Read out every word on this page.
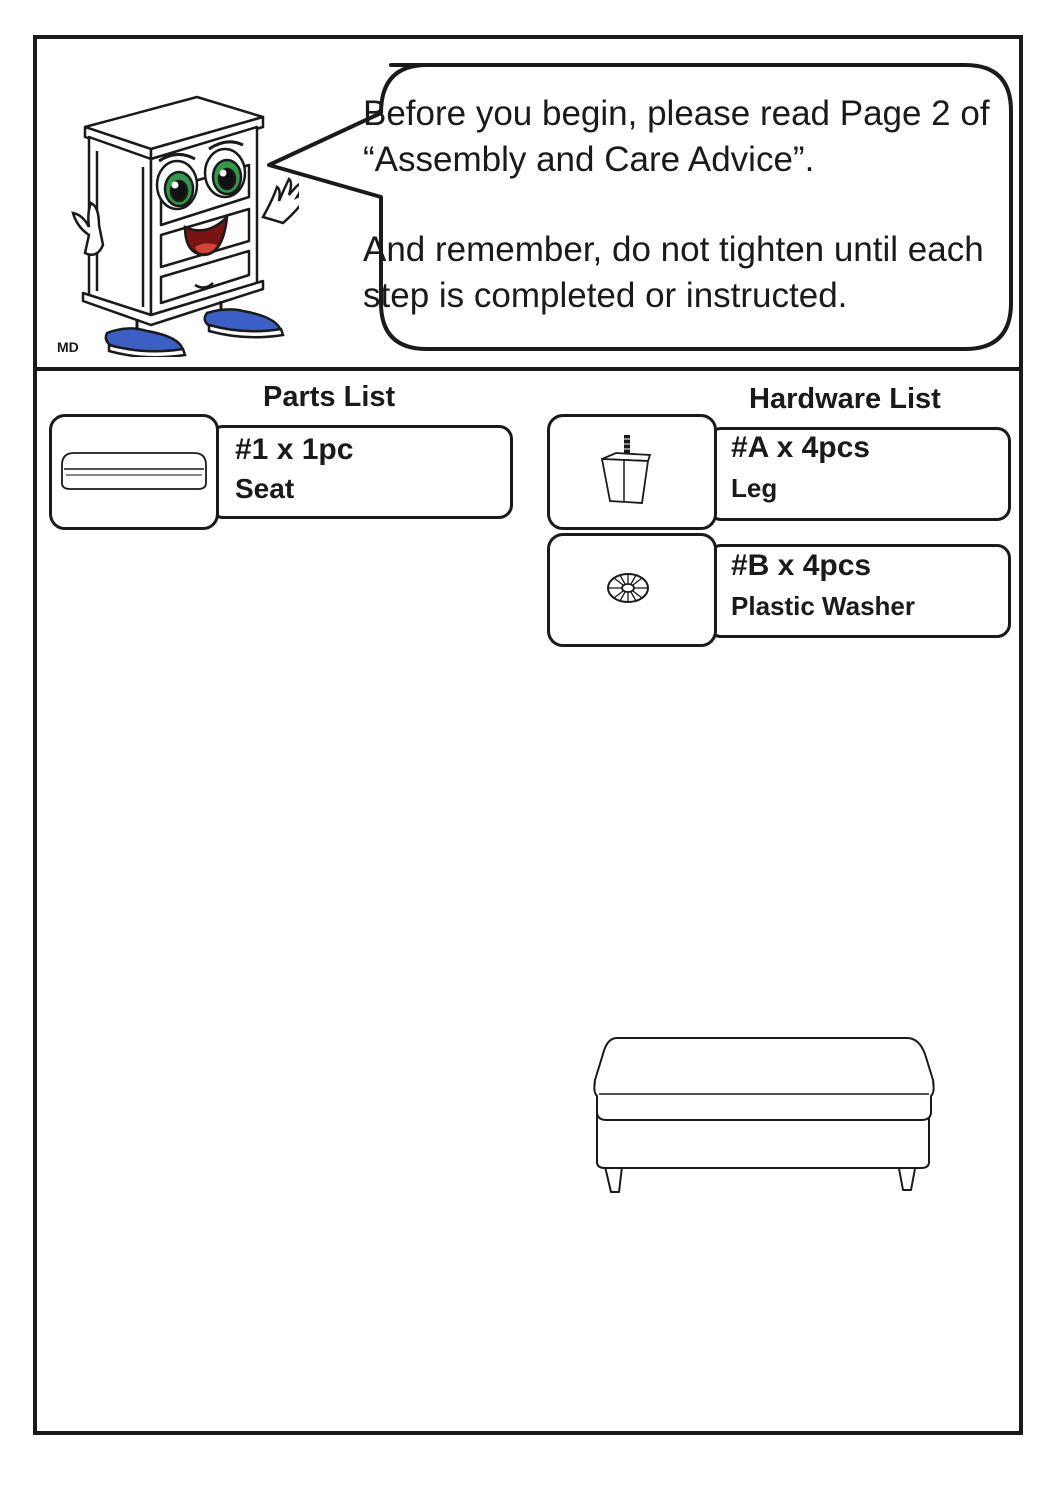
MD

Before you begin, please read Page 2 of “Assembly and Care Advice”.

And remember, do not tighten until each step is completed or instructed.

Parts List
#1 x 1pc
Seat
Hardware List
#A x 4pcs
Leg
#B x 4pcs
Plastic Washer
